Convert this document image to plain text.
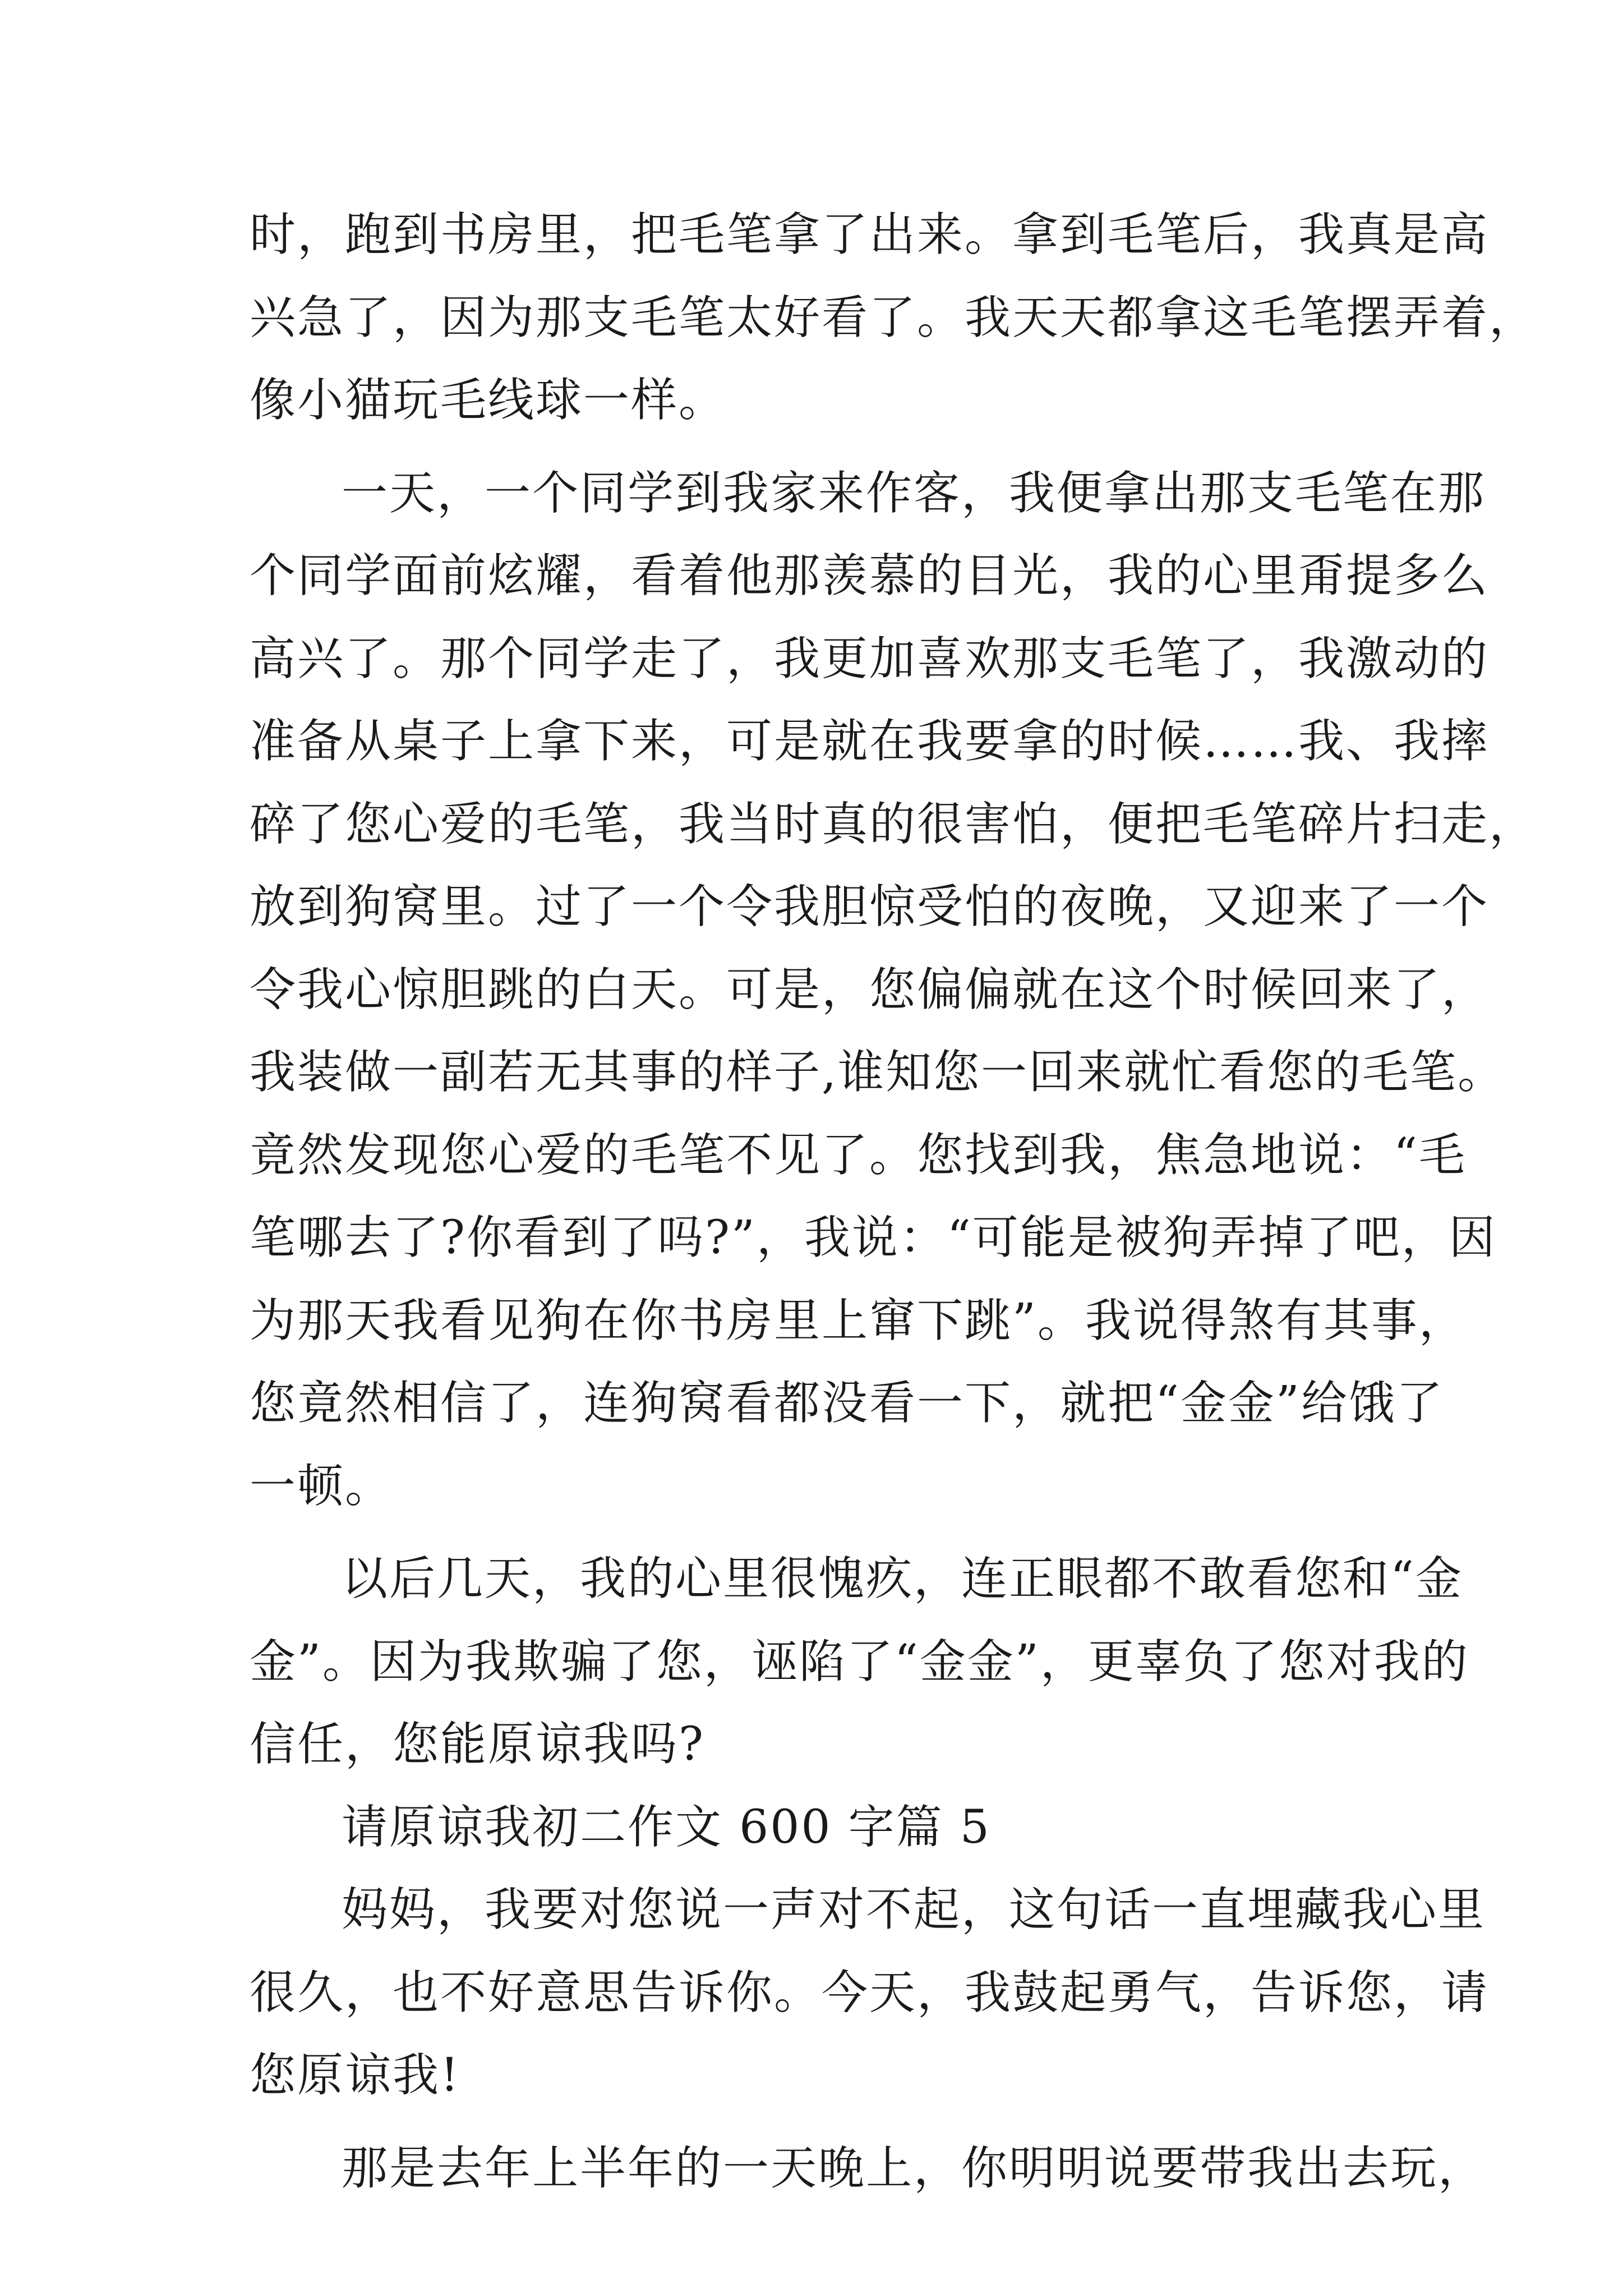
时，跑到书房里，把毛笔拿了出来。拿到毛笔后，我真是高
兴急了，因为那支毛笔太好看了。我天天都拿这毛笔摆弄着，
像小猫玩毛线球一样。
一天，一个同学到我家来作客，我便拿出那支毛笔在那
个同学面前炫耀，看着他那羡慕的目光，我的心里甭提多么
高兴了。那个同学走了，我更加喜欢那支毛笔了，我激动的
准备从桌子上拿下来，可是就在我要拿的时候……我、我摔
碎了您心爱的毛笔，我当时真的很害怕，便把毛笔碎片扫走，
放到狗窝里。过了一个令我胆惊受怕的夜晚，又迎来了一个
令我心惊胆跳的白天。可是，您偏偏就在这个时候回来了，
我装做一副若无其事的样子,谁知您一回来就忙看您的毛笔。
竟然发现您心爱的毛笔不见了。您找到我，焦急地说：“毛
笔哪去了?你看到了吗?”，我说：“可能是被狗弄掉了吧，因
为那天我看见狗在你书房里上窜下跳”。我说得煞有其事，
您竟然相信了，连狗窝看都没看一下，就把“金金”给饿了
一顿。
以后几天，我的心里很愧疚，连正眼都不敢看您和“金
金”。因为我欺骗了您，诬陷了“金金”，更辜负了您对我的
信任，您能原谅我吗?
请原谅我初二作文 600 字篇 5
妈妈，我要对您说一声对不起，这句话一直埋藏我心里
很久，也不好意思告诉你。今天，我鼓起勇气，告诉您，请
您原谅我!
那是去年上半年的一天晚上，你明明说要带我出去玩，
